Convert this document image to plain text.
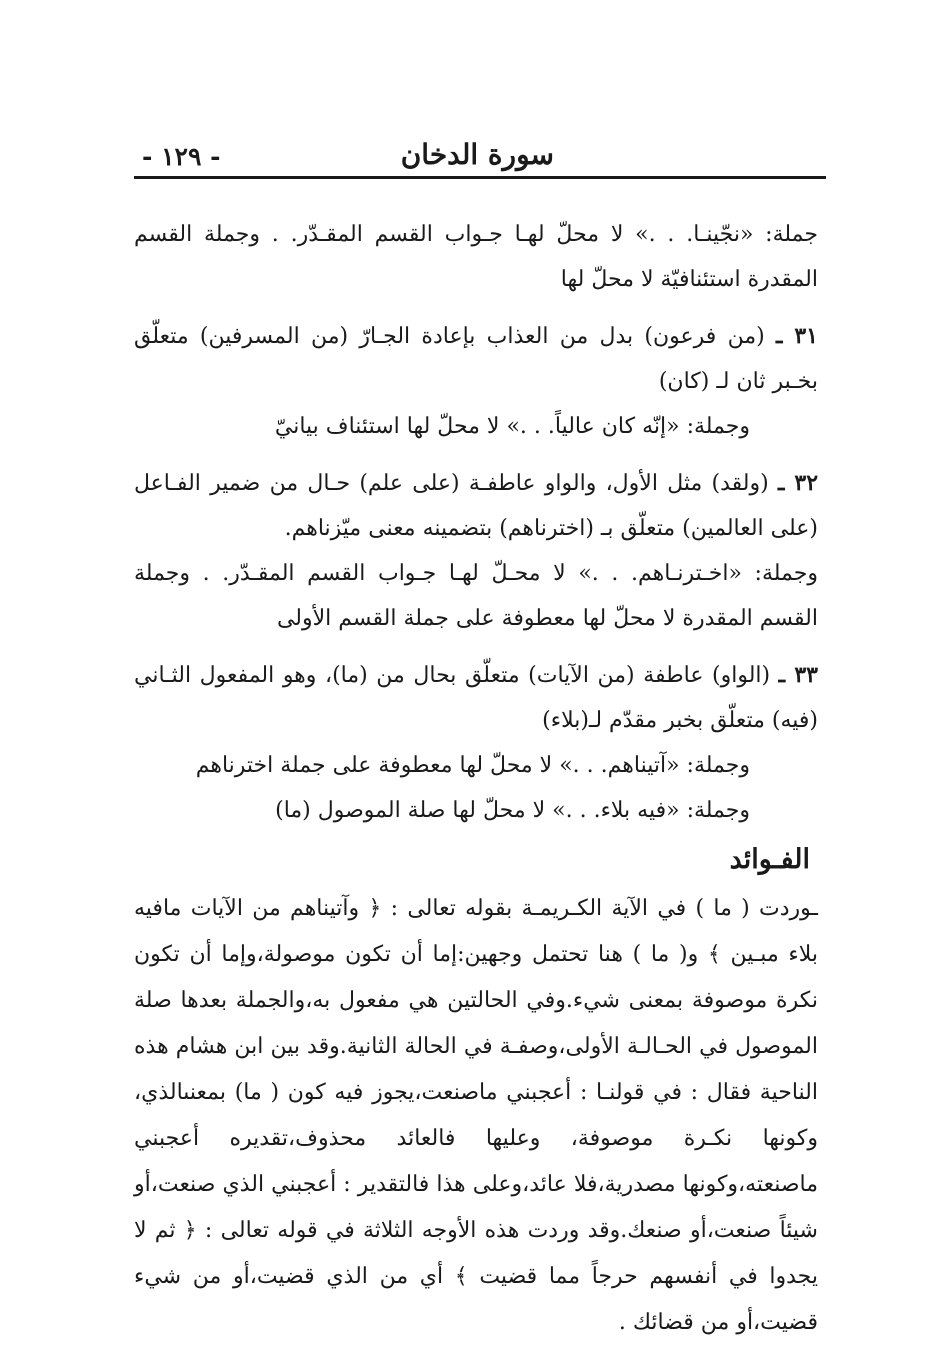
- ١٢٩ -	سورة الدخان

جملة: «نجّينـا. . .» لا محلّ لهـا جـواب القسم المقـدّر. . وجملة القسم المقدرة استئنافيّة لا محلّ لها

٣١ ـ (من فرعون) بدل من العذاب بإعادة الجـارّ (من المسرفين) متعلّق بخـبر ثان لـ (كان)

وجملة: «إنّه كان عالياً. . .» لا محلّ لها استئناف بيانيّ

٣٢ ـ (ولقد) مثل الأول، والواو عاطفـة (على علم) حـال من ضمير الفـاعل (على العالمين) متعلّق بـ (اخترناهم) بتضمينه معنى ميّزناهم.

وجملة: «اخـترنـاهم. . .» لا محـلّ لهـا جـواب القسم المقـدّر. . وجملة القسم المقدرة لا محلّ لها معطوفة على جملة القسم الأولى

٣٣ ـ (الواو) عاطفة (من الآيات) متعلّق بحال من (ما)، وهو المفعول الثـاني (فيه) متعلّق بخبر مقدّم لـ(بلاء)

وجملة: «آتيناهم. . .» لا محلّ لها معطوفة على جملة اخترناهم

وجملة: «فيه بلاء. . .» لا محلّ لها صلة الموصول (ما)

الفـوائد

ـوردت ( ما ) في الآية الكـريمـة بقوله تعالى : ﴿ وآتيناهم من الآيات مافيه بلاء مبـين ﴾ و( ما ) هنا تحتمل وجهين:إما أن تكون موصولة،وإما أن تكون نكرة موصوفة بمعنى شيء.وفي الحالتين هي مفعول به،والجملة بعدها صلة الموصول في الحـالـة الأولى،وصفـة في الحالة الثانية.وقد بين ابن هشام هذه الناحية فقال : في قولنـا : أعجبني ماصنعت،يجوز فيه كون ( ما) بمعنىالذي، وكونها نكـرة موصوفة، وعليها فالعائد محذوف،تقديره أعجبني ماصنعته،وكونها مصدرية،فلا عائد،وعلى هذا فالتقدير : أعجبني الذي صنعت،أو شيئاً صنعت،أو صنعك.وقد وردت هذه الأوجه الثلاثة في قوله تعالى : ﴿ ثم لا يجدوا في أنفسهم حرجاً مما قضيت ﴾ أي من الذي قضيت،أو من شيء قضيت،أو من قضائك .
